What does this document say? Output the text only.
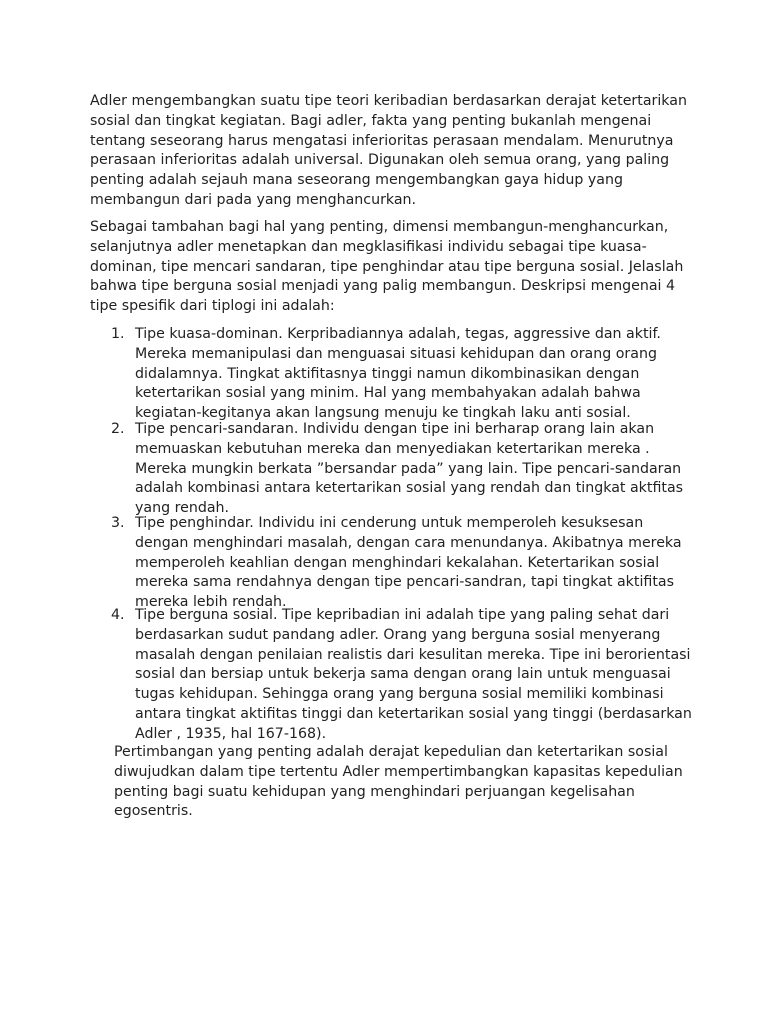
Adler mengembangkan suatu tipe teori keribadian berdasarkan derajat ketertarikan
sosial dan tingkat kegiatan. Bagi adler, fakta yang penting bukanlah mengenai
tentang seseorang harus mengatasi inferioritas perasaan mendalam. Menurutnya
perasaan inferioritas adalah universal. Digunakan oleh semua orang, yang paling
penting adalah sejauh mana seseorang mengembangkan gaya hidup yang
membangun dari pada yang menghancurkan.

Sebagai tambahan bagi hal yang penting, dimensi membangun-menghancurkan,
selanjutnya adler menetapkan dan megklasifikasi individu sebagai tipe kuasa-
dominan, tipe mencari sandaran, tipe penghindar atau tipe berguna sosial. Jelaslah
bahwa tipe berguna sosial menjadi yang palig membangun. Deskripsi mengenai 4
tipe spesifik dari tiplogi ini adalah:

1. Tipe kuasa-dominan. Kerpribadiannya adalah, tegas, aggressive dan aktif.
Mereka memanipulasi dan menguasai situasi kehidupan dan orang orang
didalamnya. Tingkat aktifitasnya tinggi namun dikombinasikan dengan
ketertarikan sosial yang minim. Hal yang membahyakan adalah bahwa
kegiatan-kegitanya akan langsung menuju ke tingkah laku anti sosial.
2. Tipe pencari-sandaran. Individu dengan tipe ini berharap orang lain akan
memuaskan kebutuhan mereka dan menyediakan ketertarikan mereka .
Mereka mungkin berkata ”bersandar pada” yang lain. Tipe pencari-sandaran
adalah kombinasi antara ketertarikan sosial yang rendah dan tingkat aktfitas
yang rendah.
3. Tipe penghindar. Individu ini cenderung untuk memperoleh kesuksesan
dengan menghindari masalah, dengan cara menundanya. Akibatnya mereka
memperoleh keahlian dengan menghindari kekalahan. Ketertarikan sosial
mereka sama rendahnya dengan tipe pencari-sandran, tapi tingkat aktifitas
mereka lebih rendah.
4. Tipe berguna sosial. Tipe kepribadian ini adalah tipe yang paling sehat dari
berdasarkan sudut pandang adler. Orang yang berguna sosial menyerang
masalah dengan penilaian realistis dari kesulitan mereka. Tipe ini berorientasi
sosial dan bersiap untuk bekerja sama dengan orang lain untuk menguasai
tugas kehidupan. Sehingga orang yang berguna sosial memiliki kombinasi
antara tingkat aktifitas tinggi dan ketertarikan sosial yang tinggi (berdasarkan
Adler , 1935, hal 167-168).

Pertimbangan yang penting adalah derajat kepedulian dan ketertarikan sosial
diwujudkan dalam tipe tertentu Adler mempertimbangkan kapasitas kepedulian
penting bagi suatu kehidupan yang menghindari perjuangan kegelisahan
egosentris.
